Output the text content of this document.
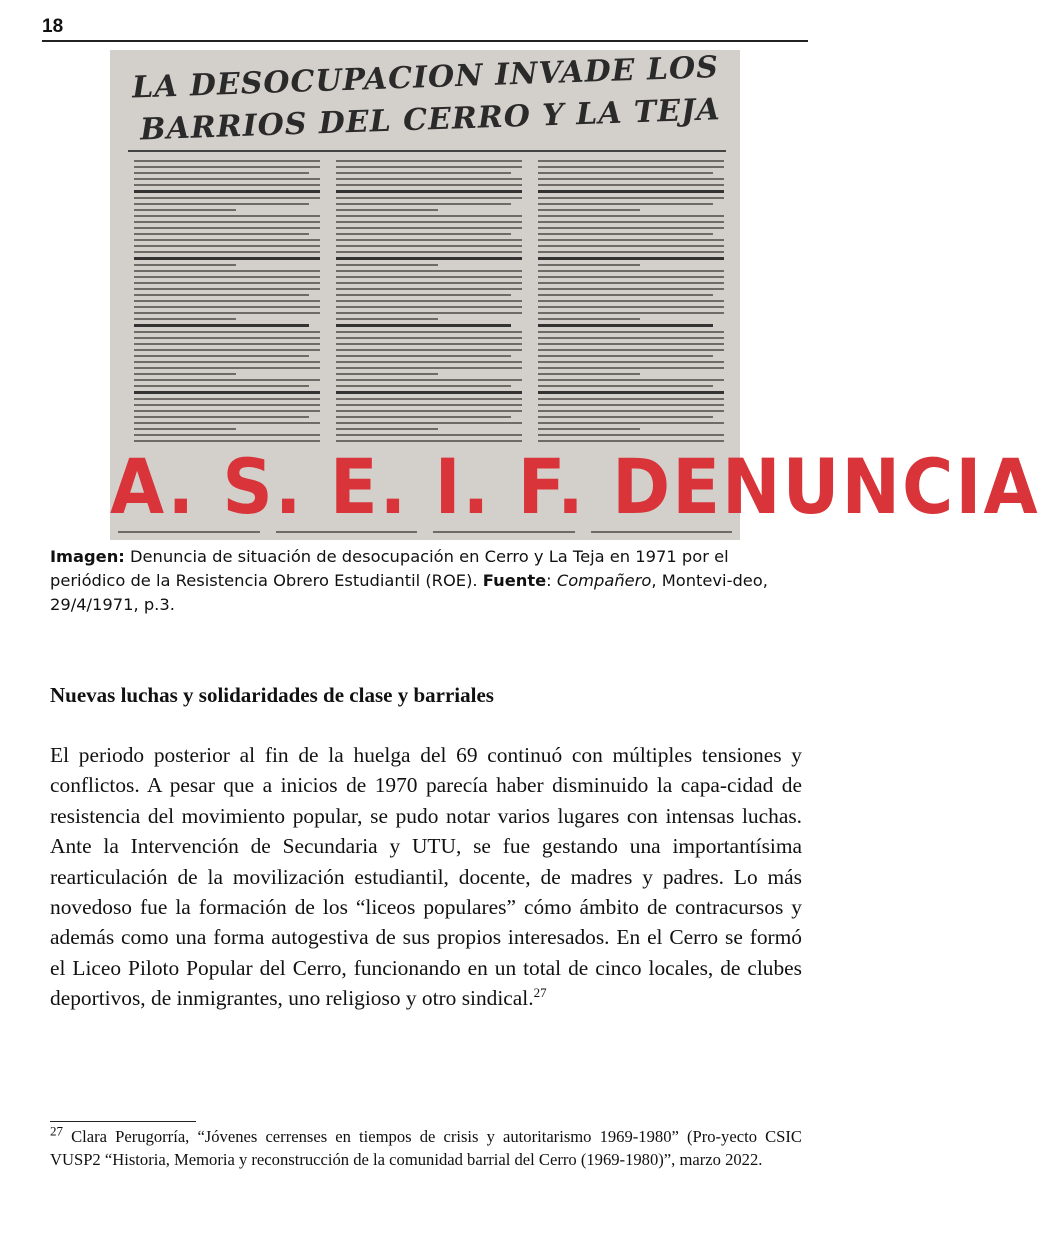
18
LA DESOCUPACION INVADE LOS
BARRIOS DEL CERRO Y LA TEJA
A. S. E. I. F. DENUNCIA
Imagen: Denuncia de situación de desocupación en Cerro y La Teja en 1971 por el periódico de la Resistencia Obrero Estudiantil (ROE). Fuente: Compañero, Montevi-deo, 29/4/1971, p.3.
Nuevas luchas y solidaridades de clase y barriales

El periodo posterior al fin de la huelga del 69 continuó con múltiples tensiones y conflictos. A pesar que a inicios de 1970 parecía haber disminuido la capa-cidad de resistencia del movimiento popular, se pudo notar varios lugares con intensas luchas. Ante la Intervención de Secundaria y UTU, se fue gestando una importantísima rearticulación de la movilización estudiantil, docente, de madres y padres. Lo más novedoso fue la formación de los “liceos populares” cómo ámbito de contracursos y además como una forma autogestiva de sus propios interesados. En el Cerro se formó el Liceo Piloto Popular del Cerro, funcionando en un total de cinco locales, de clubes deportivos, de inmigrantes, uno religioso y otro sindical.$^{27}$

$^{27}$ Clara Perugorría, “Jóvenes cerrenses en tiempos de crisis y autoritarismo 1969-1980” (Pro-yecto CSIC VUSP2 “Historia, Memoria y reconstrucción de la comunidad barrial del Cerro (1969-1980)”, marzo 2022.
